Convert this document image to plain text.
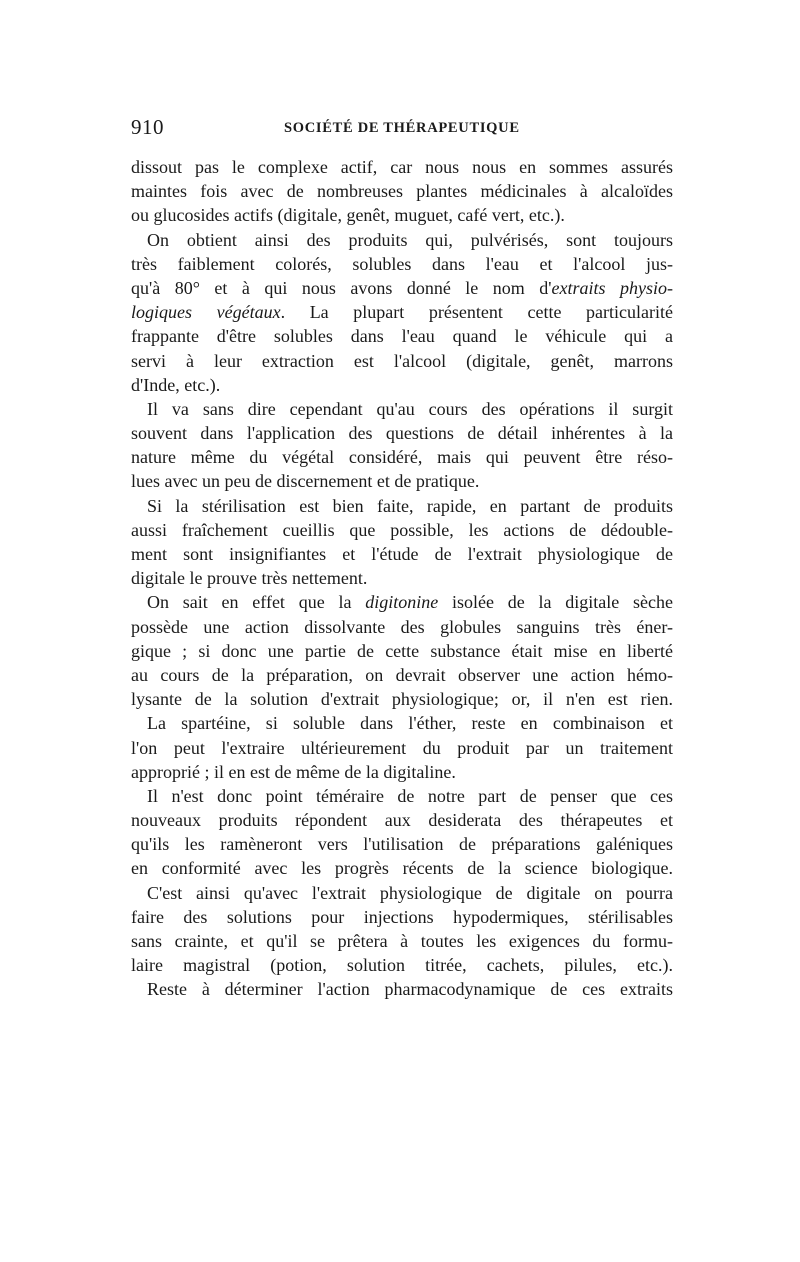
910	SOCIÉTÉ DE THÉRAPEUTIQUE
dissout pas le complexe actif, car nous nous en sommes assurés
maintes fois avec de nombreuses plantes médicinales à alcaloïdes
ou glucosides actifs (digitale, genêt, muguet, café vert, etc.).
On obtient ainsi des produits qui, pulvérisés, sont toujours
très faiblement colorés, solubles dans l'eau et l'alcool jus-
qu'à 80° et à qui nous avons donné le nom d'extraits physio-
logiques végétaux. La plupart présentent cette particularité
frappante d'être solubles dans l'eau quand le véhicule qui a
servi à leur extraction est l'alcool (digitale, genêt, marrons
d'Inde, etc.).
Il va sans dire cependant qu'au cours des opérations il surgit
souvent dans l'application des questions de détail inhérentes à la
nature même du végétal considéré, mais qui peuvent être réso-
lues avec un peu de discernement et de pratique.
Si la stérilisation est bien faite, rapide, en partant de produits
aussi fraîchement cueillis que possible, les actions de dédouble-
ment sont insignifiantes et l'étude de l'extrait physiologique de
digitale le prouve très nettement.
On sait en effet que la digitonine isolée de la digitale sèche
possède une action dissolvante des globules sanguins très éner-
gique ; si donc une partie de cette substance était mise en liberté
au cours de la préparation, on devrait observer une action hémo-
lysante de la solution d'extrait physiologique; or, il n'en est rien.
La spartéine, si soluble dans l'éther, reste en combinaison et
l'on peut l'extraire ultérieurement du produit par un traitement
approprié ; il en est de même de la digitaline.
Il n'est donc point téméraire de notre part de penser que ces
nouveaux produits répondent aux desiderata des thérapeutes et
qu'ils les ramèneront vers l'utilisation de préparations galéniques
en conformité avec les progrès récents de la science biologique.
C'est ainsi qu'avec l'extrait physiologique de digitale on pourra
faire des solutions pour injections hypodermiques, stérilisables
sans crainte, et qu'il se prêtera à toutes les exigences du formu-
laire magistral (potion, solution titrée, cachets, pilules, etc.).
Reste à déterminer l'action pharmacodynamique de ces extraits
